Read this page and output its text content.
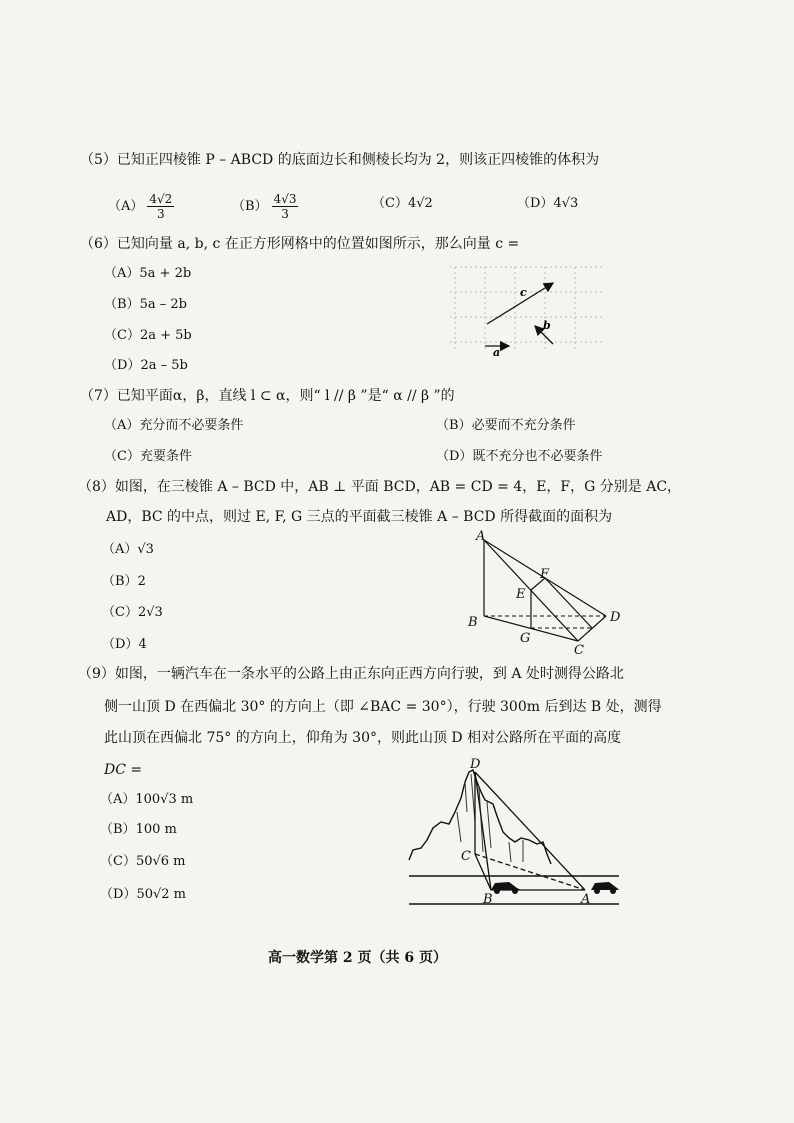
（5）已知正四棱锥 P – ABCD 的底面边长和侧棱长均为 2，则该正四棱锥的体积为
$(A) \frac{4√2}{3}$	$(B) \frac{4√3}{3}$	（C）4√2	（D）4√3
（6）已知向量 a, b, c 在正方形网格中的位置如图所示，那么向量 c =
（A）5a + 2b
（B）5a – 2b
（C）2a + 5b
（D）2a – 5b
c
b
a
（7）已知平面α，β，直线 l ⊂ α，则“ l // β ”是“ α // β ”的
（A）充分而不必要条件	（B）必要而不充分条件
（C）充要条件	（D）既不充分也不必要条件
（8）如图，在三棱锥 A – BCD 中，AB ⊥ 平面 BCD，AB = CD = 4，E，F，G 分别是 AC，
AD，BC 的中点，则过 E, F, G 三点的平面截三棱锥 A – BCD 所得截面的面积为
（A）√3
（B）2
（C）2√3
（D）4
A
B
C
D
E
F
G
（9）如图，一辆汽车在一条水平的公路上由正东向正西方向行驶，到 A 处时测得公路北
侧一山顶 D 在西偏北 30° 的方向上（即 ∠BAC = 30°），行驶 300m 后到达 B 处，测得
此山顶在西偏北 75° 的方向上，仰角为 30°，则此山顶 D 相对公路所在平面的高度
DC =
（A）100√3 m
（B）100 m
（C）50√6 m
（D）50√2 m
D
C
B	A
高一数学第 2 页（共 6 页）
